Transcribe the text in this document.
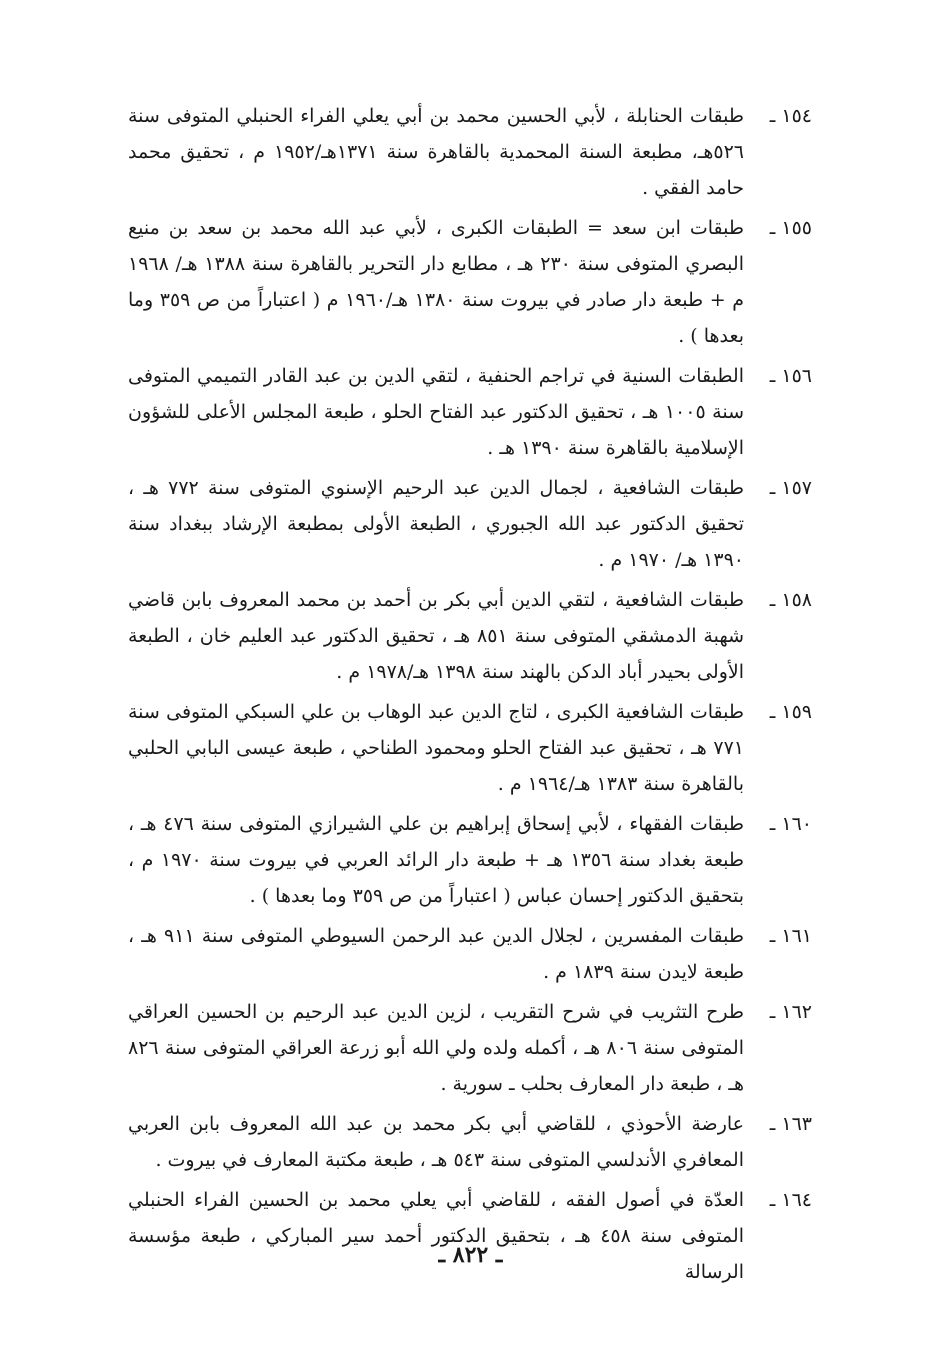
١٥٤ ـ
طبقات الحنابلة ، لأبي الحسين محمد بن أبي يعلي الفراء الحنبلي المتوفى سنة ٥٢٦هـ، مطبعة السنة المحمدية بالقاهرة سنة ١٣٧١هـ/١٩٥٢ م ، تحقيق محمد حامد الفقي .
١٥٥ ـ
طبقات ابن سعد = الطبقات الكبرى ، لأبي عبد الله محمد بن سعد بن منيع البصري المتوفى سنة ٢٣٠ هـ ، مطابع دار التحرير بالقاهرة سنة ١٣٨٨ هـ/ ١٩٦٨ م + طبعة دار صادر في بيروت سنة ١٣٨٠ هـ/١٩٦٠ م ( اعتباراً من ص ٣٥٩ وما بعدها ) .
١٥٦ ـ
الطبقات السنية في تراجم الحنفية ، لتقي الدين بن عبد القادر التميمي المتوفى سنة ١٠٠٥ هـ ، تحقيق الدكتور عبد الفتاح الحلو ، طبعة المجلس الأعلى للشؤون الإسلامية بالقاهرة سنة ١٣٩٠ هـ .
١٥٧ ـ
طبقات الشافعية ، لجمال الدين عبد الرحيم الإسنوي المتوفى سنة ٧٧٢ هـ ، تحقيق الدكتور عبد الله الجبوري ، الطبعة الأولى بمطبعة الإرشاد ببغداد سنة ١٣٩٠ هـ/ ١٩٧٠ م .
١٥٨ ـ
طبقات الشافعية ، لتقي الدين أبي بكر بن أحمد بن محمد المعروف بابن قاضي شهبة الدمشقي المتوفى سنة ٨٥١ هـ ، تحقيق الدكتور عبد العليم خان ، الطبعة الأولى بحيدر أباد الدكن بالهند سنة ١٣٩٨ هـ/١٩٧٨ م .
١٥٩ ـ
طبقات الشافعية الكبرى ، لتاج الدين عبد الوهاب بن علي السبكي المتوفى سنة ٧٧١ هـ ، تحقيق عبد الفتاح الحلو ومحمود الطناحي ، طبعة عيسى البابي الحلبي بالقاهرة سنة ١٣٨٣ هـ/١٩٦٤ م .
١٦٠ ـ
طبقات الفقهاء ، لأبي إسحاق إبراهيم بن علي الشيرازي المتوفى سنة ٤٧٦ هـ ، طبعة بغداد سنة ١٣٥٦ هـ + طبعة دار الرائد العربي في بيروت سنة ١٩٧٠ م ، بتحقيق الدكتور إحسان عباس ( اعتباراً من ص ٣٥٩ وما بعدها ) .
١٦١ ـ
طبقات المفسرين ، لجلال الدين عبد الرحمن السيوطي المتوفى سنة ٩١١ هـ ، طبعة لايدن سنة ١٨٣٩ م .
١٦٢ ـ
طرح التثريب في شرح التقريب ، لزين الدين عبد الرحيم بن الحسين العراقي المتوفى سنة ٨٠٦ هـ ، أكمله ولده ولي الله أبو زرعة العراقي المتوفى سنة ٨٢٦ هـ ، طبعة دار المعارف بحلب ـ سورية .
١٦٣ ـ
عارضة الأحوذي ، للقاضي أبي بكر محمد بن عبد الله المعروف بابن العربي المعافري الأندلسي المتوفى سنة ٥٤٣ هـ ، طبعة مكتبة المعارف في بيروت .
١٦٤ ـ
العدّة في أصول الفقه ، للقاضي أبي يعلي محمد بن الحسين الفراء الحنبلي المتوفى سنة ٤٥٨ هـ ، بتحقيق الدكتور أحمد سير المباركي ، طبعة مؤسسة الرسالة
ـ ٨٢٢ ـ
